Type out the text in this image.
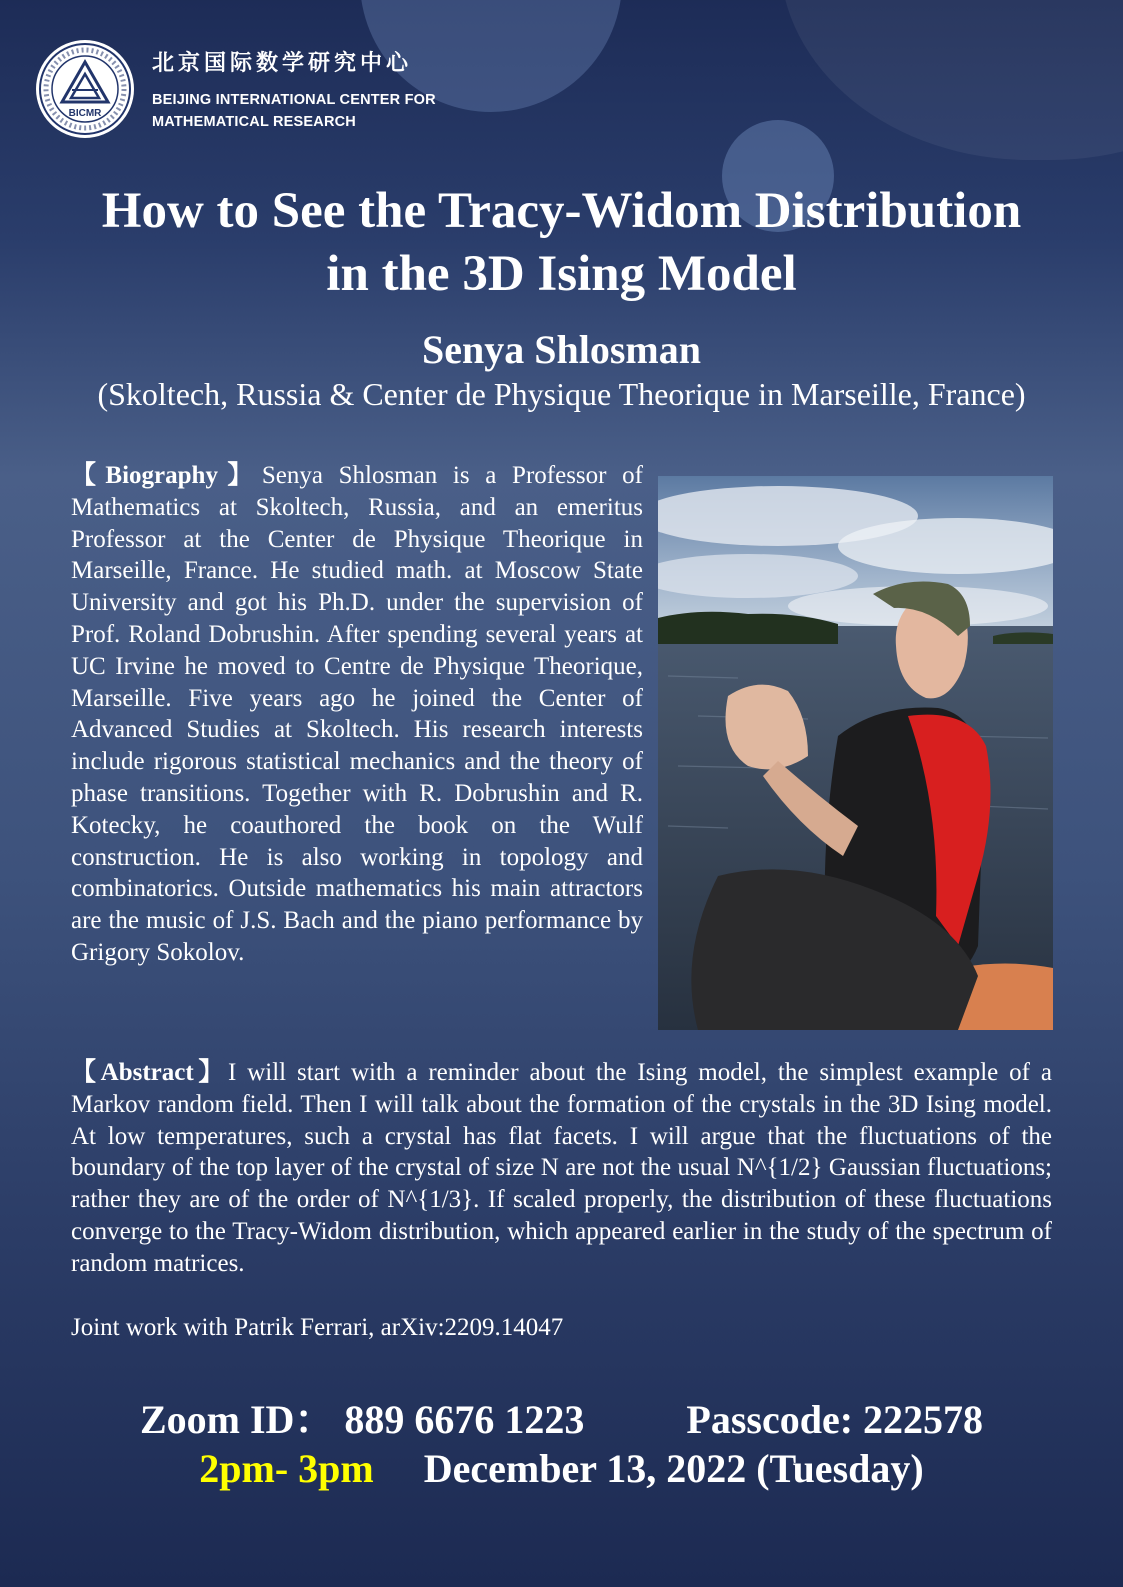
BICMR
北京国际数学研究中心
BEIJING INTERNATIONAL CENTER FOR
MATHEMATICAL RESEARCH
How to See the Tracy-Widom Distribution
in the 3D Ising Model
Senya Shlosman
(Skoltech, Russia & Center de Physique Theorique in Marseille, France)
【Biography】Senya Shlosman is a Professor of Mathematics at Skoltech, Russia, and an emeritus Professor at the Center de Physique Theorique in Marseille, France. He studied math. at Moscow State University and got his Ph.D. under the supervision of Prof. Roland Dobrushin. After spending several years at UC Irvine he moved to Centre de Physique Theorique, Marseille. Five years ago he joined the Center of Advanced Studies at Skoltech. His research interests include rigorous statistical mechanics and the theory of phase transitions. Together with R. Dobrushin and R. Kotecky, he coauthored the book on the Wulf construction. He is also working in topology and combinatorics. Outside mathematics his main attractors are the music of J.S. Bach and the piano performance by Grigory Sokolov.
【Abstract】I will start with a reminder about the Ising model, the simplest example of a Markov random field. Then I will talk about the formation of the crystals in the 3D Ising model. At low temperatures, such a crystal has flat facets. I will argue that the fluctuations of the boundary of the top layer of the crystal of size N are not the usual N^{1/2} Gaussian fluctuations; rather they are of the order of N^{1/3}. If scaled properly, the distribution of these fluctuations converge to the Tracy-Widom distribution, which appeared earlier in the study of the spectrum of random matrices.
Joint work with Patrik Ferrari, arXiv:2209.14047
Zoom ID： 889 6676 1223	Passcode: 222578
2pm- 3pm December 13, 2022 (Tuesday)
